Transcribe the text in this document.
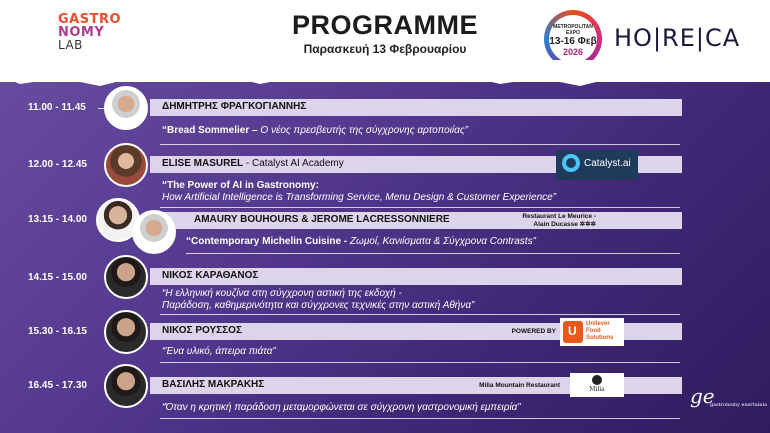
GASTRO
NOMY
LAB
PROGRAMME
Παρασκευή 13 Φεβρουαρίου
METROPOLITAN EXPO
13-16 Φεβ
2026	HO|RE|CA
11.00 - 11.45	ΔΗΜΗΤΡΗΣ ΦΡΑΓΚΟΓΙΑΝΝΗΣ
“Bread Sommelier – Ο νέος πρεσβευτής της σύγχρονης αρτοποιίας”
12.00 - 12.45	ELISE MASUREL - Catalyst AI Academy	Catalyst.ai
“The Power of AI in Gastronomy:
How Artificial Intelligence is Transforming Service, Menu Design & Customer Experience”
13.15 - 14.00	AMAURY BOUHOURS & JEROME LACRESSONNIERE	Restaurant Le Meurice -
Alain Ducasse ✲✲✲
“Contemporary Michelin Cuisine - Ζωμοί, Κανιίσματα & Σύγχρονα Contrasts”
14.15 - 15.00	ΝΙΚΟΣ ΚΑΡΑΘΑΝΟΣ
“Η ελληνική κουζίνα στη σύγχρονη αστική της εκδοχή -
Παράδοση, καθημερινότητα και σύγχρονες τεχνικές στην αστική Αθήνα”
15.30 - 16.15	ΝΙΚΟΣ ΡΟΥΣΣΟΣ	POWERED BY U Unilever
Food
Solutions
“Ένα υλικό, άπειρα πιάτα”
16.45 - 17.30	ΒΑΣΙΛΗΣ ΜΑΚΡΑΚΗΣ	Milia Mountain Restaurant
Milia
“Όταν η κρητική παράδοση μεταμορφώνεται σε σύγχρονη γαστρονομική εμπειρία”	ge
gastronomy exertainia
